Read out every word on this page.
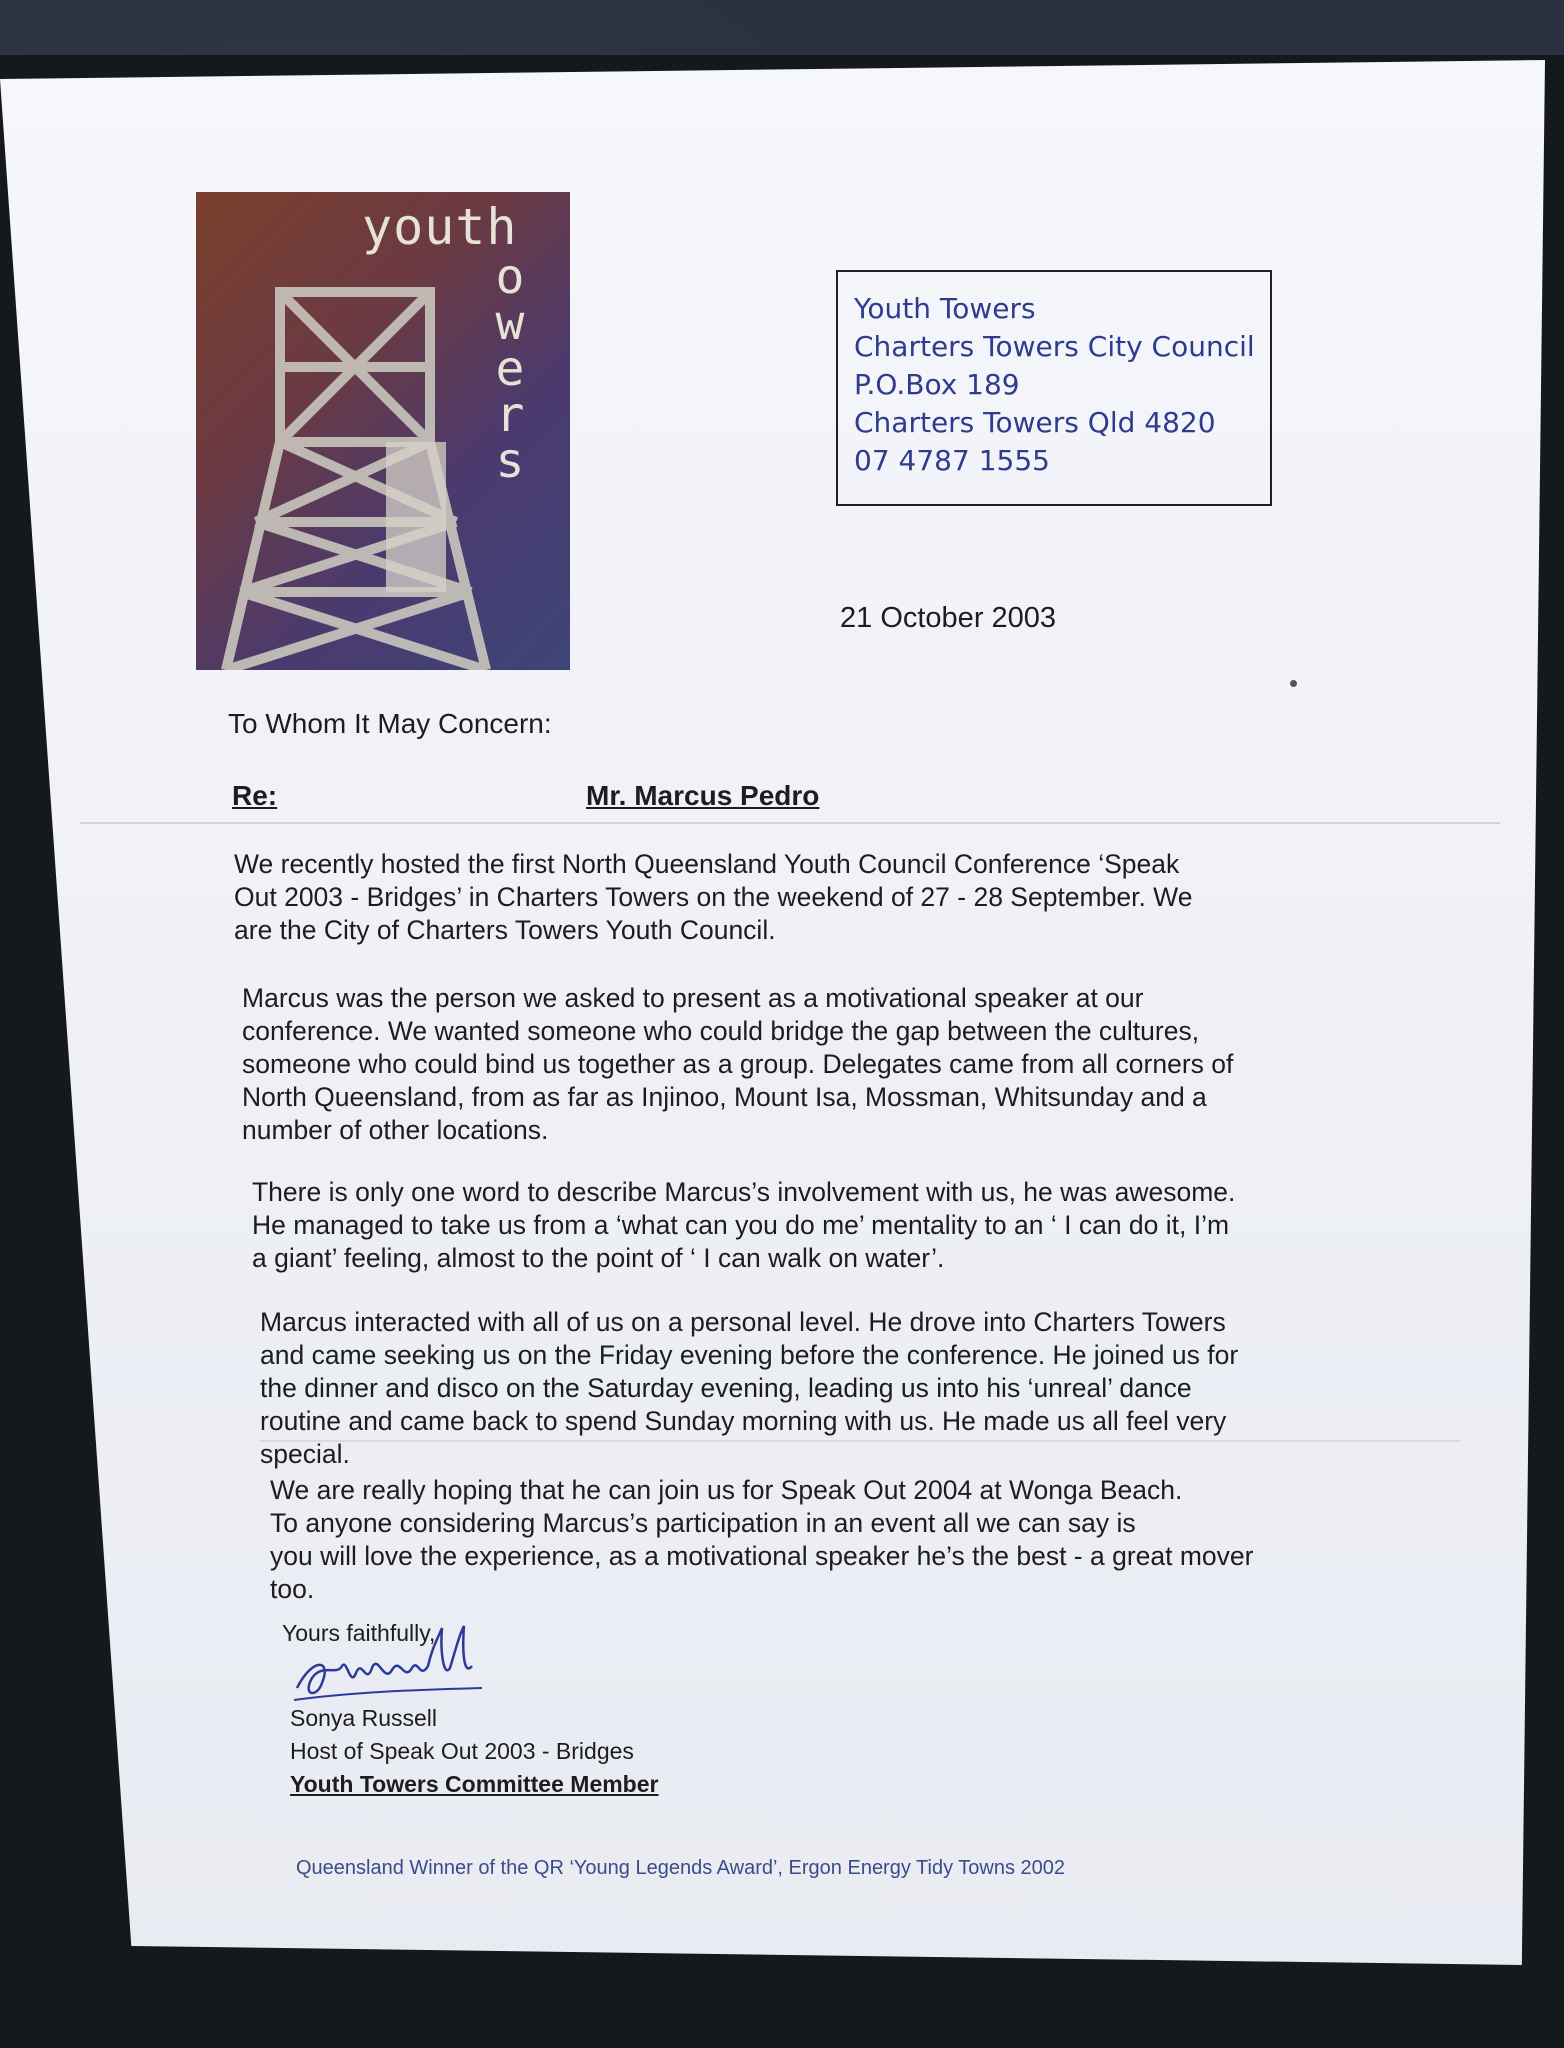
youth
o
w
e
r
s
Youth Towers
Charters Towers City Council
P.O.Box 189
Charters Towers Qld 4820
07 4787 1555
21 October 2003
To Whom It May Concern:
Re:	Mr. Marcus Pedro
We recently hosted the first North Queensland Youth Council Conference ‘Speak
Out 2003 - Bridges’ in Charters Towers on the weekend of 27 - 28 September. We
are the City of Charters Towers Youth Council.
Marcus was the person we asked to present as a motivational speaker at our
conference. We wanted someone who could bridge the gap between the cultures,
someone who could bind us together as a group. Delegates came from all corners of
North Queensland, from as far as Injinoo, Mount Isa, Mossman, Whitsunday and a
number of other locations.
There is only one word to describe Marcus’s involvement with us, he was awesome.
He managed to take us from a ‘what can you do me’ mentality to an ‘ I can do it, I’m
a giant’ feeling, almost to the point of ‘ I can walk on water’.
Marcus interacted with all of us on a personal level. He drove into Charters Towers
and came seeking us on the Friday evening before the conference. He joined us for
the dinner and disco on the Saturday evening, leading us into his ‘unreal’ dance
routine and came back to spend Sunday morning with us. He made us all feel very
special.
We are really hoping that he can join us for Speak Out 2004 at Wonga Beach.
To anyone considering Marcus’s participation in an event all we can say is
you will love the experience, as a motivational speaker he’s the best - a great mover
too.
Yours faithfully,
Sonya Russell
Host of Speak Out 2003 - Bridges
Youth Towers Committee Member
Queensland Winner of the QR ‘Young Legends Award’, Ergon Energy Tidy Towns 2002
